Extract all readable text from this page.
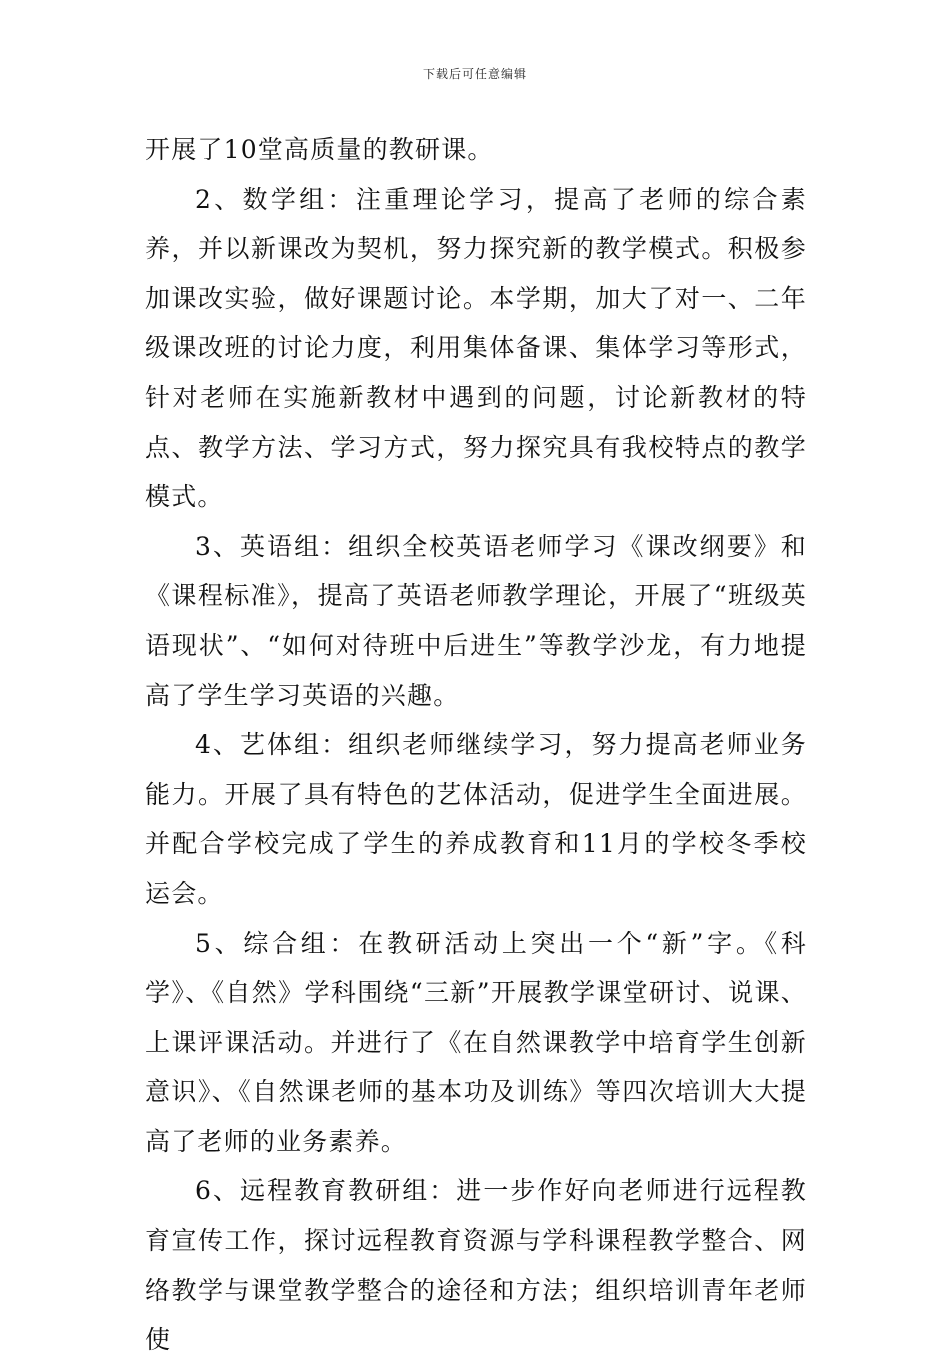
下载后可任意编辑

开展了10堂高质量的教研课。

2、数学组：注重理论学习，提高了老师的综合素养，并以新课改为契机，努力探究新的教学模式。积极参加课改实验，做好课题讨论。本学期，加大了对一、二年级课改班的讨论力度，利用集体备课、集体学习等形式，针对老师在实施新教材中遇到的问题，讨论新教材的特点、教学方法、学习方式，努力探究具有我校特点的教学模式。

3、英语组：组织全校英语老师学习《课改纲要》和《课程标准》，提高了英语老师教学理论，开展了“班级英语现状”、“如何对待班中后进生”等教学沙龙，有力地提高了学生学习英语的兴趣。

4、艺体组：组织老师继续学习，努力提高老师业务能力。开展了具有特色的艺体活动，促进学生全面进展。并配合学校完成了学生的养成教育和11月的学校冬季校运会。

5、综合组：在教研活动上突出一个“新”字。《科学》、《自然》学科围绕“三新”开展教学课堂研讨、说课、上课评课活动。并进行了《在自然课教学中培育学生创新意识》、《自然课老师的基本功及训练》等四次培训大大提高了老师的业务素养。

6、远程教育教研组：进一步作好向老师进行远程教育宣传工作，探讨远程教育资源与学科课程教学整合、网络教学与课堂教学整合的途径和方法；组织培训青年老师使
